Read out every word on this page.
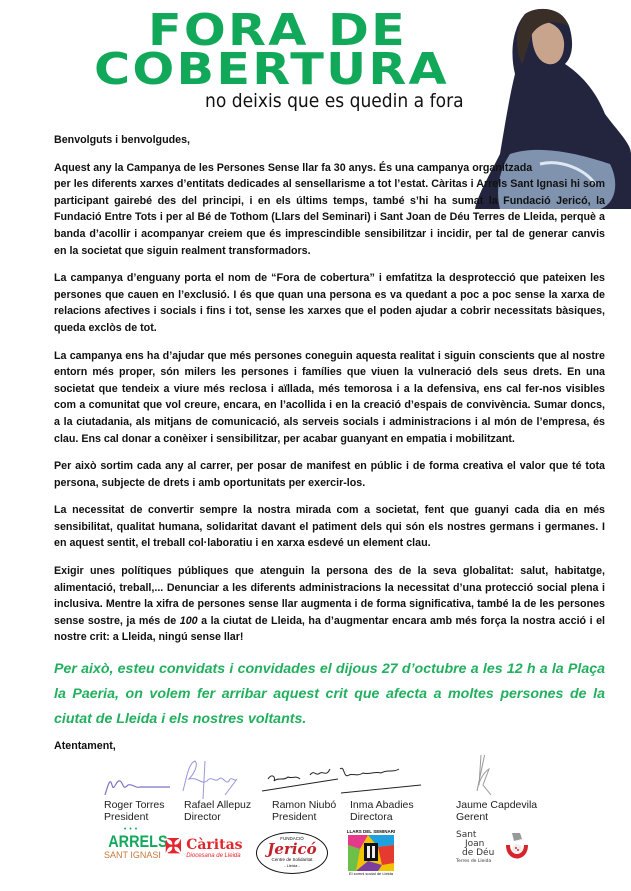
FORA DE
COBERTURA
no deixis que es quedin a fora

Benvolguts i benvolgudes,

Aquest any la Campanya de les Persones Sense llar fa 30 anys. És una campanya organitzada
per les diferents xarxes d’entitats dedicades al sensellarisme a tot l’estat. Càritas i Arrels Sant Ignasi hi som participant gairebé des del principi, i en els últims temps, també s’hi ha sumat la Fundació Jericó, la Fundació Entre Tots i per al Bé de Tothom (Llars del Seminari) i Sant Joan de Déu Terres de Lleida, perquè a banda d’acollir i acompanyar creiem que és imprescindible sensibilitzar i incidir, per tal de generar canvis en la societat que siguin realment transformadors.

La campanya d’enguany porta el nom de “Fora de cobertura” i emfatitza la desprotecció que pateixen les persones que cauen en l’exclusió. I és que quan una persona es va quedant a poc a poc sense la xarxa de relacions afectives i socials i fins i tot, sense les xarxes que el poden ajudar a cobrir necessitats bàsiques, queda exclòs de tot.

La campanya ens ha d’ajudar que més persones coneguin aquesta realitat i siguin conscients que al nostre entorn més proper, són milers les persones i famílies que viuen la vulneració dels seus drets. En una societat que tendeix a viure més reclosa i aïllada, més temorosa i a la defensiva, ens cal fer-nos visibles com a comunitat que vol creure, encara, en l’acollida i en la creació d’espais de convivència. Sumar doncs, a la ciutadania, als mitjans de comunicació, als serveis socials i administracions i al món de l’empresa, és clau. Ens cal donar a conèixer i sensibilitzar, per acabar guanyant en empatia i mobilitzant.

Per això sortim cada any al carrer, per posar de manifest en públic i de forma creativa el valor que té tota persona, subjecte de drets i amb oportunitats per exercir-los.

La necessitat de convertir sempre la nostra mirada com a societat, fent que guanyi cada dia en més sensibilitat, qualitat humana, solidaritat davant el patiment dels qui són els nostres germans i germanes. I en aquest sentit, el treball col·laboratiu i en xarxa esdevé un element clau.

Exigir unes polítiques públiques que atenguin la persona des de la seva globalitat: salut, habitatge, alimentació, treball,... Denunciar a les diferents administracions la necessitat d’una protecció social plena i inclusiva. Mentre la xifra de persones sense llar augmenta i de forma significativa, també la de les persones sense sostre, ja més de 100 a la ciutat de Lleida, ha d’augmentar encara amb més força la nostra acció i el nostre crit: a Lleida, ningú sense llar!

Per això, esteu convidats i convidades el dijous 27 d’octubre a les 12 h a la Plaça la Paeria, on volem fer arribar aquest crit que afecta a moltes persones de la ciutat de Lleida i els nostres voltants.

Atentament,

Roger Torres
President
Rafael Allepuz
Director
Ramon Niubó
President
Inma Abadies
Directora
Jaume Capdevila
Gerent
•••
ARRELS
SANT IGNASI ✠ Càritas
Diocesana de Lleida
FUNDACIÓ
Jericó
Centre de Solidaritat
- Lleida -
LLARS DEL SEMINARI
El somni social de Lleida
Sant
Joan
de Déu
Terres de Lleida
